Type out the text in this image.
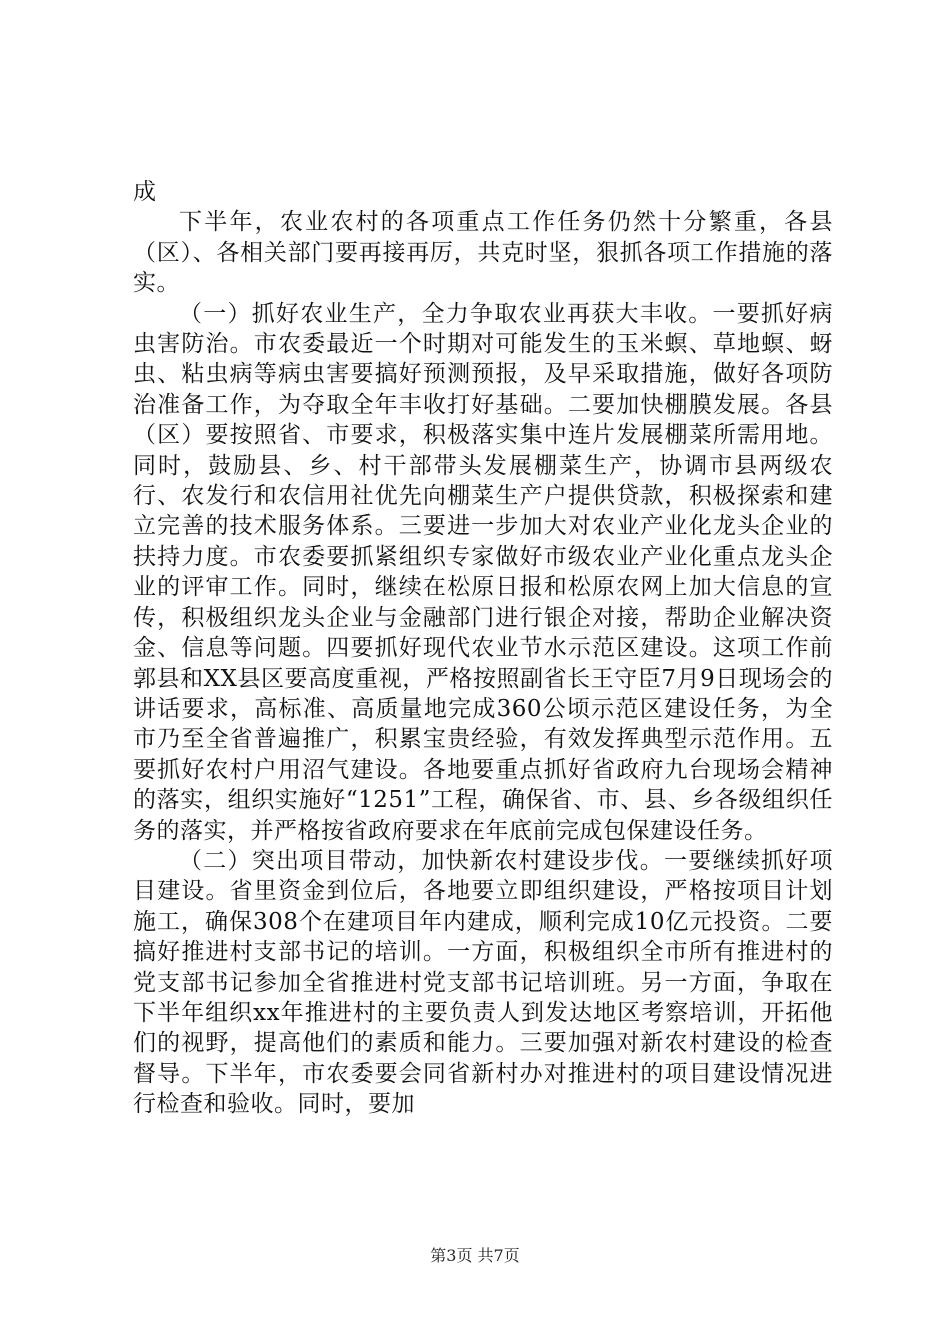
成

下半年，农业农村的各项重点工作任务仍然十分繁重，各县（区）、各相关部门要再接再厉，共克时坚，狠抓各项工作措施的落实。

（一）抓好农业生产，全力争取农业再获大丰收。一要抓好病虫害防治。市农委最近一个时期对可能发生的玉米螟、草地螟、蚜虫、粘虫病等病虫害要搞好预测预报，及早采取措施，做好各项防治准备工作，为夺取全年丰收打好基础。二要加快棚膜发展。各县（区）要按照省、市要求，积极落实集中连片发展棚菜所需用地。同时，鼓励县、乡、村干部带头发展棚菜生产，协调市县两级农行、农发行和农信用社优先向棚菜生产户提供贷款，积极探索和建立完善的技术服务体系。三要进一步加大对农业产业化龙头企业的扶持力度。市农委要抓紧组织专家做好市级农业产业化重点龙头企业的评审工作。同时，继续在松原日报和松原农网上加大信息的宣传，积极组织龙头企业与金融部门进行银企对接，帮助企业解决资金、信息等问题。四要抓好现代农业节水示范区建设。这项工作前郭县和XX县区要高度重视，严格按照副省长王守臣7月9日现场会的讲话要求，高标准、高质量地完成360公顷示范区建设任务，为全市乃至全省普遍推广，积累宝贵经验，有效发挥典型示范作用。五要抓好农村户用沼气建设。各地要重点抓好省政府九台现场会精神的落实，组织实施好“1251”工程，确保省、市、县、乡各级组织任务的落实，并严格按省政府要求在年底前完成包保建设任务。

（二）突出项目带动，加快新农村建设步伐。一要继续抓好项目建设。省里资金到位后，各地要立即组织建设，严格按项目计划施工，确保308个在建项目年内建成，顺利完成10亿元投资。二要搞好推进村支部书记的培训。一方面，积极组织全市所有推进村的党支部书记参加全省推进村党支部书记培训班。另一方面，争取在下半年组织xx年推进村的主要负责人到发达地区考察培训，开拓他们的视野，提高他们的素质和能力。三要加强对新农村建设的检查督导。下半年，市农委要会同省新村办对推进村的项目建设情况进行检查和验收。同时，要加

第3页 共7页
